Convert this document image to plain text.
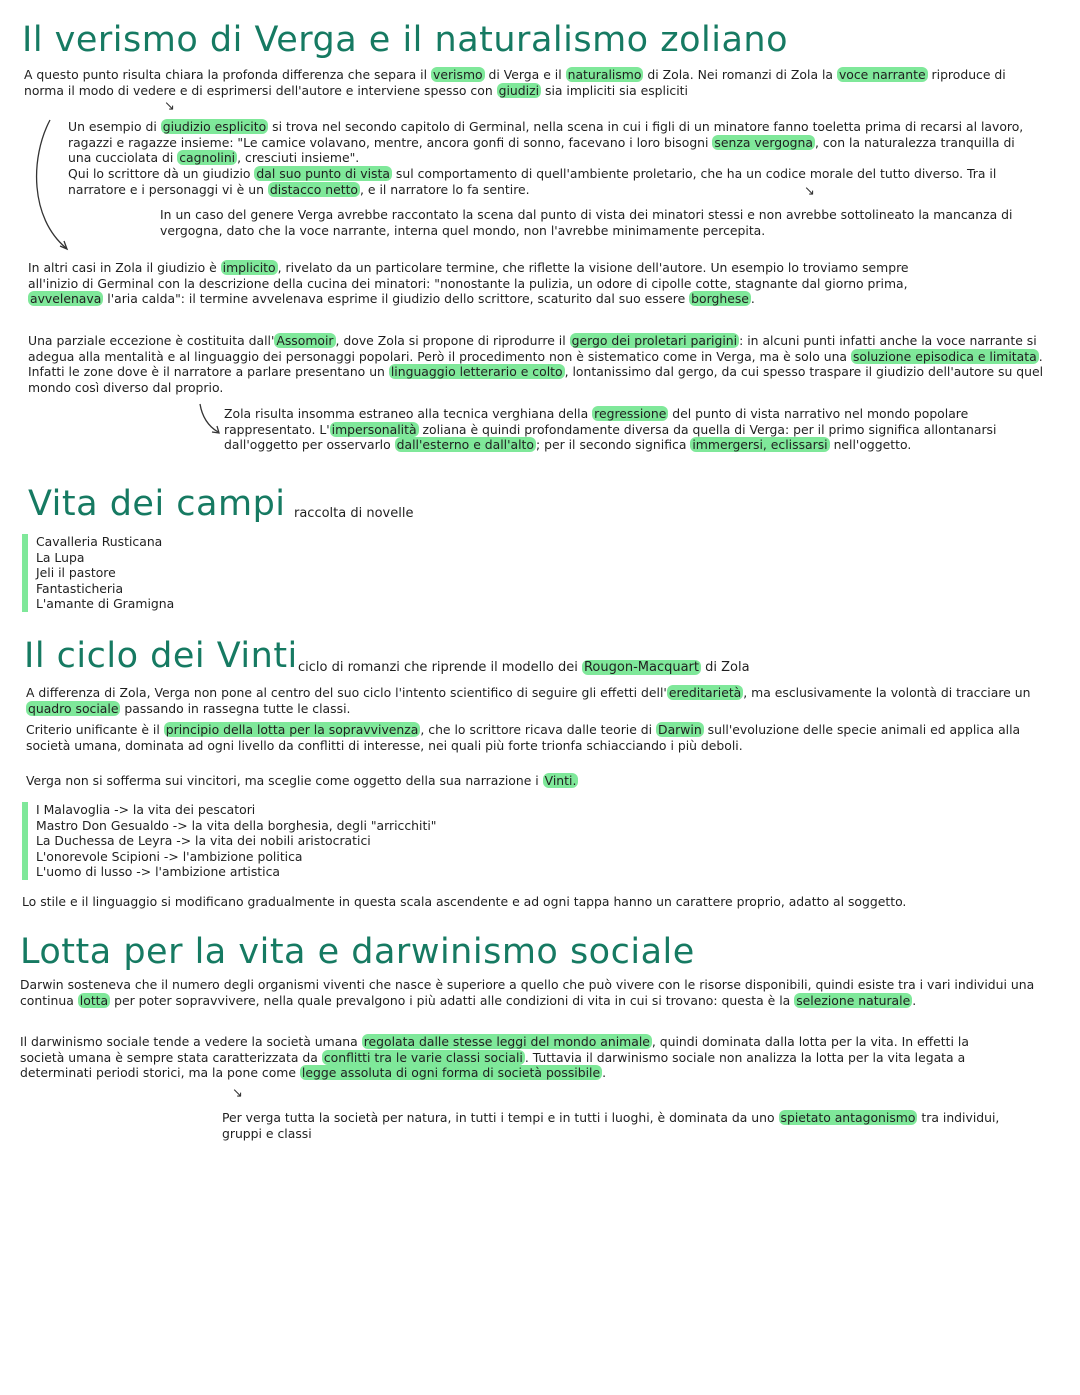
Il verismo di Verga e il naturalismo zoliano

A questo punto risulta chiara la profonda differenza che separa il verismo di Verga e il naturalismo di Zola. Nei romanzi di Zola la voce narrante riproduce di norma il modo di vedere e di esprimersi dell'autore e interviene spesso con giudizi sia impliciti sia espliciti

↘

Un esempio di giudizio esplicito si trova nel secondo capitolo di Germinal, nella scena in cui i figli di un minatore fanno toeletta prima di recarsi al lavoro, ragazzi e ragazze insieme: "Le camice volavano, mentre, ancora gonfi di sonno, facevano i loro bisogni senza vergogna , con la naturalezza tranquilla di una cucciolata di cagnolini , cresciuti insieme".

Qui lo scrittore dà un giudizio dal suo punto di vista sul comportamento di quell'ambiente proletario, che ha un codice morale del tutto diverso. Tra il narratore e i personaggi vi è un distacco netto , e il narratore lo fa sentire.	↘

In un caso del genere Verga avrebbe raccontato la scena dal punto di vista dei minatori stessi e non avrebbe sottolineato la mancanza di vergogna, dato che la voce narrante, interna quel mondo, non l'avrebbe minimamente percepita.

In altri casi in Zola il giudizio è implicito , rivelato da un particolare termine, che riflette la visione dell'autore. Un esempio lo troviamo sempre all'inizio di Germinal con la descrizione della cucina dei minatori: "nonostante la pulizia, un odore di cipolle cotte, stagnante dal giorno prima, avvelenava l'aria calda": il termine avvelenava esprime il giudizio dello scrittore, scaturito dal suo essere borghese .

Una parziale eccezione è costituita dall' Assomoir , dove Zola si propone di riprodurre il gergo dei proletari parigini : in alcuni punti infatti anche la voce narrante si adegua alla mentalità e al linguaggio dei personaggi popolari. Però il procedimento non è sistematico come in Verga, ma è solo una soluzione episodica e limitata . Infatti le zone dove è il narratore a parlare presentano un linguaggio letterario e colto , lontanissimo dal gergo, da cui spesso traspare il giudizio dell'autore su quel mondo così diverso dal proprio.

Zola risulta insomma estraneo alla tecnica verghiana della regressione del punto di vista narrativo nel mondo popolare rappresentato. L' impersonalità zoliana è quindi profondamente diversa da quella di Verga: per il primo significa allontanarsi dall'oggetto per osservarlo dall'esterno e dall'alto ; per il secondo significa immergersi, eclissarsi nell'oggetto.

Vita dei campi raccolta di novelle
Cavalleria Rusticana
La Lupa
Jeli il pastore
Fantasticheria
L'amante di Gramigna
Il ciclo dei Vinti ciclo di romanzi che riprende il modello dei Rougon-Macquart di Zola

A differenza di Zola, Verga non pone al centro del suo ciclo l'intento scientifico di seguire gli effetti dell' ereditarietà , ma esclusivamente la volontà di tracciare un quadro sociale passando in rassegna tutte le classi.

Criterio unificante è il principio della lotta per la sopravvivenza , che lo scrittore ricava dalle teorie di Darwin sull'evoluzione delle specie animali ed applica alla società umana, dominata ad ogni livello da conflitti di interesse, nei quali più forte trionfa schiacciando i più deboli.

Verga non si sofferma sui vincitori, ma sceglie come oggetto della sua narrazione i Vinti.

I Malavoglia -> la vita dei pescatori
Mastro Don Gesualdo -> la vita della borghesia, degli "arricchiti"
La Duchessa de Leyra -> la vita dei nobili aristocratici
L'onorevole Scipioni -> l'ambizione politica
L'uomo di lusso -> l'ambizione artistica

Lo stile e il linguaggio si modificano gradualmente in questa scala ascendente e ad ogni tappa hanno un carattere proprio, adatto al soggetto.

Lotta per la vita e darwinismo sociale

Darwin sosteneva che il numero degli organismi viventi che nasce è superiore a quello che può vivere con le risorse disponibili, quindi esiste tra i vari individui una continua lotta per poter sopravvivere, nella quale prevalgono i più adatti alle condizioni di vita in cui si trovano: questa è la selezione naturale .

Il darwinismo sociale tende a vedere la società umana regolata dalle stesse leggi del mondo animale , quindi dominata dalla lotta per la vita. In effetti la società umana è sempre stata caratterizzata da conflitti tra le varie classi sociali . Tuttavia il darwinismo sociale non analizza la lotta per la vita legata a determinati periodi storici, ma la pone come legge assoluta di ogni forma di società possibile .

↘

Per verga tutta la società per natura, in tutti i tempi e in tutti i luoghi, è dominata da uno spietato antagonismo tra individui, gruppi e classi
